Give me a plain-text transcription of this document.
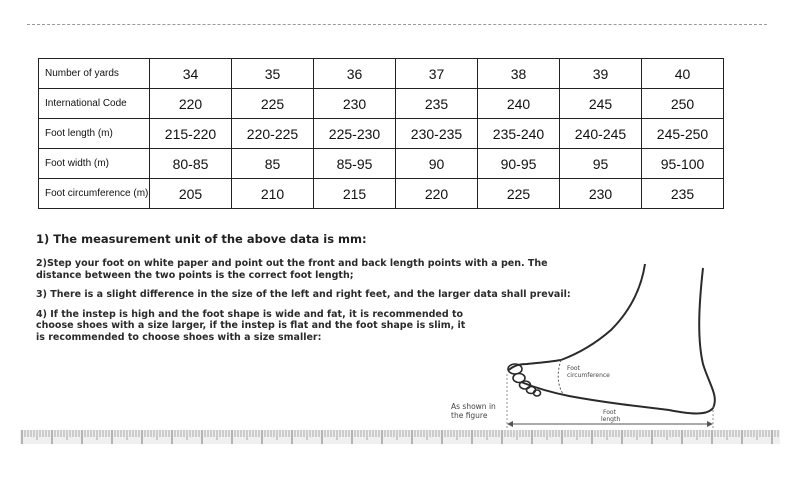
Number of yards	34	35	36	37	38	39	40
International Code	220	225	230	235	240	245	250
Foot length (m)	215-220	220-225	225-230	230-235	235-240	240-245	245-250
Foot width (m)	80-85	85	85-95	90	90-95	95	95-100
Foot circumference (m)	205	210	215	220	225	230	235
1) The measurement unit of the above data is mm:
2)Step your foot on white paper and point out the front and back length points with a pen. The distance between the two points is the correct foot length;
3) There is a slight difference in the size of the left and right feet, and the larger data shall prevail:
4) If the instep is high and the foot shape is wide and fat, it is recommended to choose shoes with a size larger, if the instep is flat and the foot shape is slim, it is recommended to choose shoes with a size smaller:
Foot
circumference
Foot
length
As shown in
the figure
